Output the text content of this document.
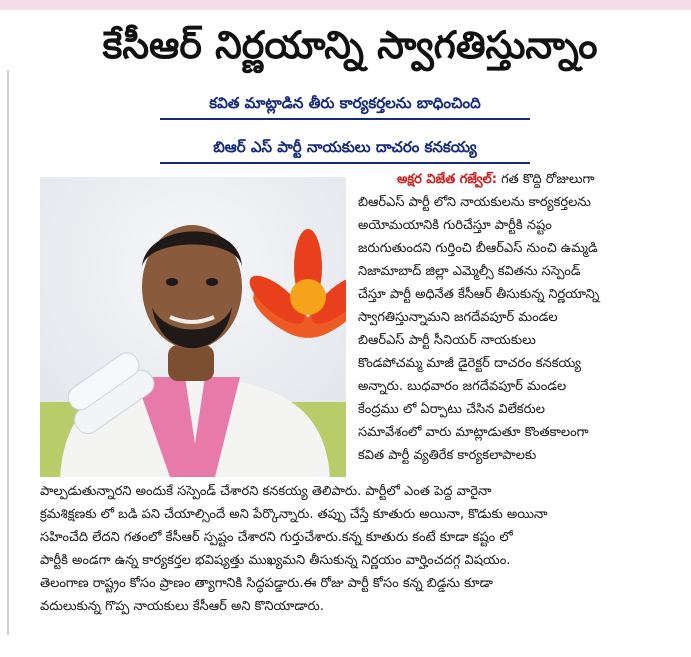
కేసీఆర్ నిర్ణయాన్ని స్వాగతిస్తున్నాం

కవిత మాట్లాడిన తీరు కార్యకర్తలను బాధించింది

బిఆర్ ఎస్ పార్టీ నాయకులు దాచరం కనకయ్య

అక్షర విజేత గజ్వేల్: గత కొద్ది రోజులుగా

బిఆర్ఎస్ పార్టీ లోని నాయకులను కార్యకర్తలను

అయోమయానికి గురిచేస్తూ పార్టీకి నష్టం

జరుగుతుందని గుర్తించి బీఆర్ఎస్ నుంచి ఉమ్మడి

నిజామాబాద్ జిల్లా ఎమ్మెల్సీ కవితను సస్పెండ్

చేస్తూ పార్టీ అధినేత కేసీఆర్ తీసుకున్న నిర్ణయాన్ని

స్వాగతిస్తున్నామని జగదేవపూర్ మండల

బిఆర్ఎస్ పార్టీ సీనియర్ నాయకులు

కొండపోచమ్మ మాజీ డైరెక్టర్ దాచరం కనకయ్య

అన్నారు. బుధవారం జగదేవపూర్ మండల

కేంద్రము లో ఏర్పాటు చేసిన విలేకరుల

సమావేశంలో వారు మాట్లాడుతూ కొంతకాలంగా

కవిత పార్టీ వ్యతిరేక కార్యకలాపాలకు

పాల్పడుతున్నారని అందుకే సస్పెండ్ చేశారని కనకయ్య తెలిపారు. పార్టీలో ఎంత పెద్ద వారైనా

క్రమశిక్షణకు లో బడి పని చేయాల్సిందే అని పేర్కొన్నారు. తప్పు చేస్తే కూతురు అయినా, కొడుకు అయినా

సహించేది లేదని గతంలో కేసీఆర్ స్పష్టం చేశారని గుర్తుచేశారు.కన్న కూతురు కంటే కూడా కష్టం లో

పార్టీకి అండగా ఉన్న కార్యకర్తల భవిష్యత్తు ముఖ్యమని తీసుకున్న నిర్ణయం వార్హించదగ్గ విషయం.

తెలంగాణ రాష్ట్రం కోసం ప్రాణం త్యాగానికి సిద్ధపడ్డారు.ఈ రోజు పార్టీ కోసం కన్న బిడ్డను కూడా

వదులుకున్న గొప్ప నాయకులు కేసీఆర్ అని కొనియాడారు.
